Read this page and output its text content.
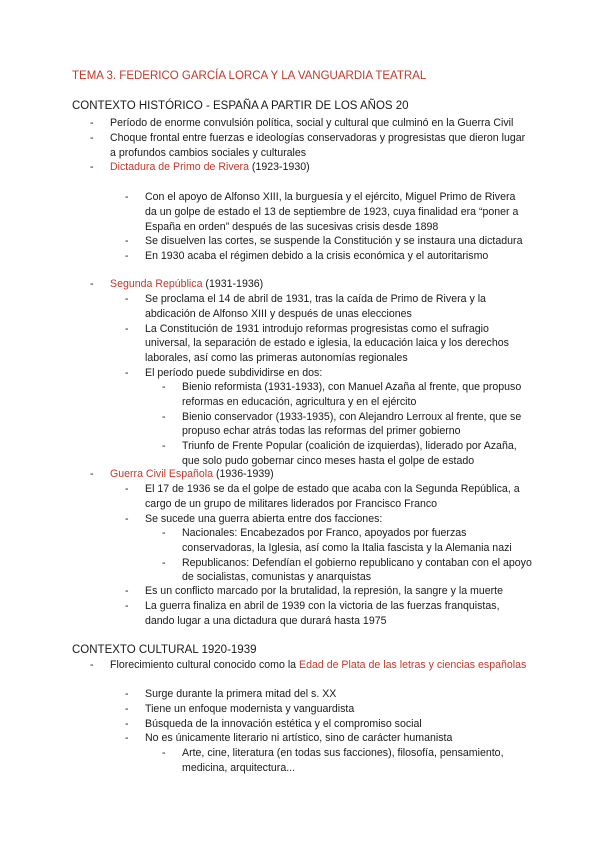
TEMA 3. FEDERICO GARCÍA LORCA Y LA VANGUARDIA TEATRAL
CONTEXTO HISTÓRICO - ESPAÑA A PARTIR DE LOS AÑOS 20
- Período de enorme convulsión política, social y cultural que culminó en la Guerra Civil
- Choque frontal entre fuerzas e ideologías conservadoras y progresistas que dieron lugar a profundos cambios sociales y culturales
- Dictadura de Primo de Rivera (1923-1930)
- Con el apoyo de Alfonso XIII, la burguesía y el ejército, Miguel Primo de Rivera da un golpe de estado el 13 de septiembre de 1923, cuya finalidad era “poner a España en orden” después de las sucesivas crisis desde 1898
- Se disuelven las cortes, se suspende la Constitución y se instaura una dictadura
- En 1930 acaba el régimen debido a la crisis económica y el autoritarismo
- Segunda República (1931-1936)
- Se proclama el 14 de abril de 1931, tras la caída de Primo de Rivera y la abdicación de Alfonso XIII y después de unas elecciones
- La Constitución de 1931 introdujo reformas progresistas como el sufragio universal, la separación de estado e iglesia, la educación laica y los derechos laborales, así como las primeras autonomías regionales
- El período puede subdividirse en dos:
- Bienio reformista (1931-1933), con Manuel Azaña al frente, que propuso reformas en educación, agricultura y en el ejército
- Bienio conservador (1933-1935), con Alejandro Lerroux al frente, que se propuso echar atrás todas las reformas del primer gobierno
- Triunfo de Frente Popular (coalición de izquierdas), liderado por Azaña, que solo pudo gobernar cinco meses hasta el golpe de estado
- Guerra Civil Española (1936-1939)
- El 17 de 1936 se da el golpe de estado que acaba con la Segunda República, a cargo de un grupo de militares liderados por Francisco Franco
- Se sucede una guerra abierta entre dos facciones:
- Nacionales: Encabezados por Franco, apoyados por fuerzas conservadoras, la Iglesia, así como la Italia fascista y la Alemania nazi
- Republicanos: Defendían el gobierno republicano y contaban con el apoyo de socialistas, comunistas y anarquistas
- Es un conflicto marcado por la brutalidad, la represión, la sangre y la muerte
- La guerra finaliza en abril de 1939 con la victoria de las fuerzas franquistas, dando lugar a una dictadura que durará hasta 1975
CONTEXTO CULTURAL 1920-1939
- Florecimiento cultural conocido como la Edad de Plata de las letras y ciencias españolas
- Surge durante la primera mitad del s. XX
- Tiene un enfoque modernista y vanguardista
- Búsqueda de la innovación estética y el compromiso social
- No es únicamente literario ni artístico, sino de carácter humanista
- Arte, cine, literatura (en todas sus facciones), filosofía, pensamiento, medicina, arquitectura...
